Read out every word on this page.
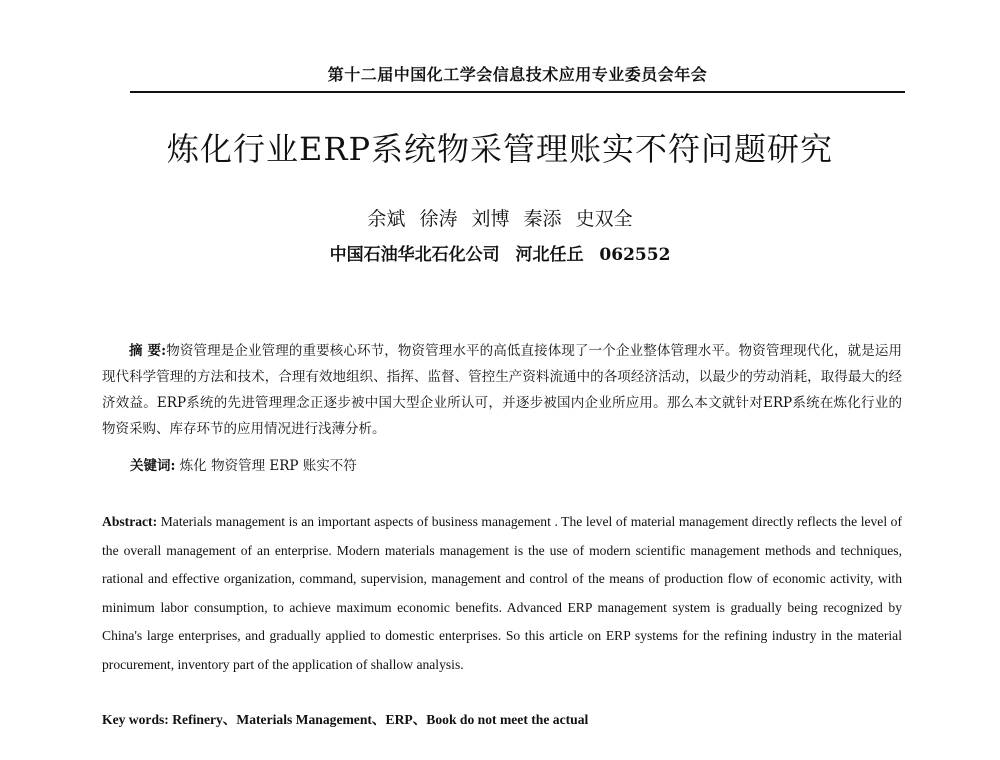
第十二届中国化工学会信息技术应用专业委员会年会
炼化行业ERP系统物采管理账实不符问题研究
余斌 徐涛 刘博 秦添 史双全
中国石油华北石化公司 河北任丘 062552
摘 要:物资管理是企业管理的重要核心环节，物资管理水平的高低直接体现了一个企业整体管理水平。物资管理现代化，就是运用现代科学管理的方法和技术，合理有效地组织、指挥、监督、管控生产资料流通中的各项经济活动，以最少的劳动消耗，取得最大的经济效益。ERP系统的先进管理理念正逐步被中国大型企业所认可，并逐步被国内企业所应用。那么本文就针对ERP系统在炼化行业的物资采购、库存环节的应用情况进行浅薄分析。
关键词: 炼化 物资管理 ERP 账实不符
Abstract: Materials management is an important aspects of business management . The level of material management directly reflects the level of the overall management of an enterprise. Modern materials management is the use of modern scientific management methods and techniques, rational and effective organization, command, supervision, management and control of the means of production flow of economic activity, with minimum labor consumption, to achieve maximum economic benefits. Advanced ERP management system is gradually being recognized by China's large enterprises, and gradually applied to domestic enterprises. So this article on ERP systems for the refining industry in the material procurement, inventory part of the application of shallow analysis.
Key words: Refinery、Materials Management、ERP、Book do not meet the actual
